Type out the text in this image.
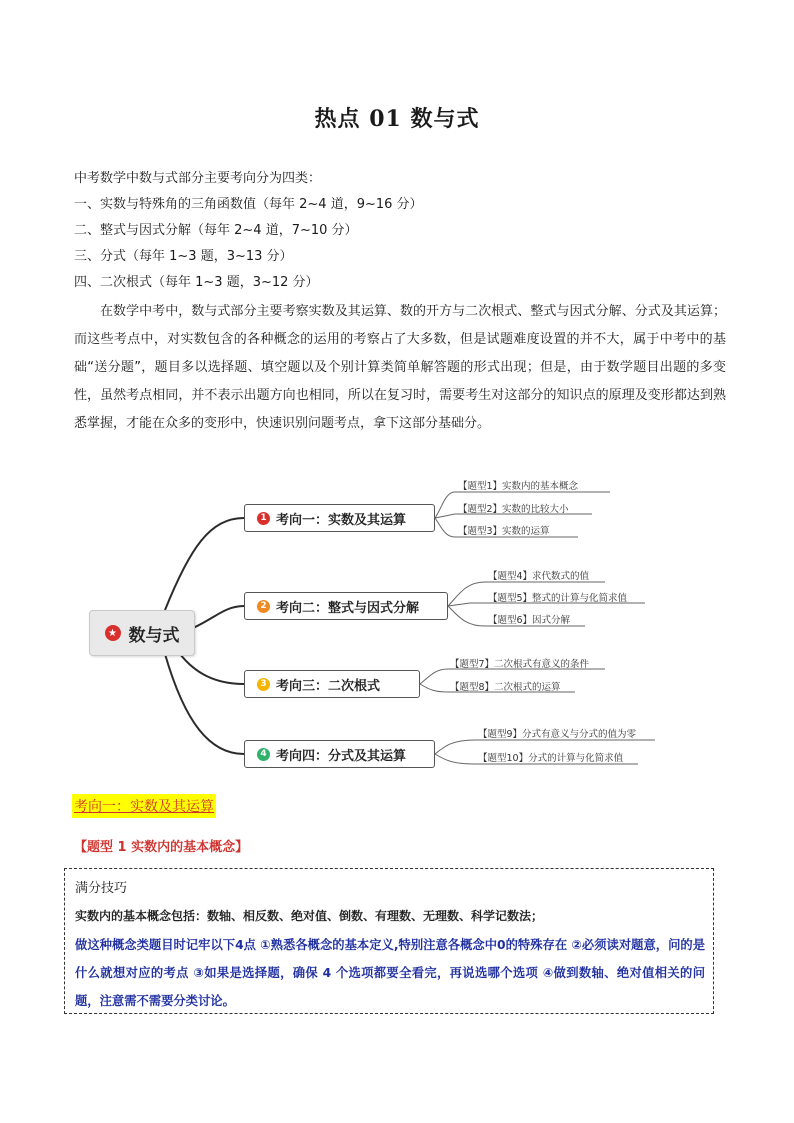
热点 01 数与式
中考数学中数与式部分主要考向分为四类：
一、实数与特殊角的三角函数值（每年 2~4 道，9~16 分）
二、整式与因式分解（每年 2~4 道，7~10 分）
三、分式（每年 1~3 题，3~13 分）
四、二次根式（每年 1~3 题，3~12 分）
在数学中考中，数与式部分主要考察实数及其运算、数的开方与二次根式、整式与因式分解、分式及其运算；而这些考点中，对实数包含的各种概念的运用的考察占了大多数，但是试题难度设置的并不大，属于中考中的基础“送分题”，题目多以选择题、填空题以及个别计算类简单解答题的形式出现；但是，由于数学题目出题的多变性，虽然考点相同，并不表示出题方向也相同，所以在复习时，需要考生对这部分的知识点的原理及变形都达到熟悉掌握，才能在众多的变形中，快速识别问题考点，拿下这部分基础分。
★ 数与式
1 考向一：实数及其运算
2 考向二：整式与因式分解
3 考向三：二次根式
4 考向四：分式及其运算
【题型1】实数内的基本概念
【题型2】实数的比较大小
【题型3】实数的运算
【题型4】求代数式的值
【题型5】整式的计算与化简求值
【题型6】因式分解
【题型7】二次根式有意义的条件
【题型8】二次根式的运算
【题型9】分式有意义与分式的值为零
【题型10】分式的计算与化简求值
考向一：实数及其运算
【题型 1 实数内的基本概念】
满分技巧
实数内的基本概念包括：数轴、相反数、绝对值、倒数、有理数、无理数、科学记数法；
做这种概念类题目时记牢以下4点 ①熟悉各概念的基本定义,特别注意各概念中0的特殊存在 ②必须读对题意，问的是什么就想对应的考点 ③如果是选择题，确保 4 个选项都要全看完，再说选哪个选项 ④做到数轴、绝对值相关的问题，注意需不需要分类讨论。
